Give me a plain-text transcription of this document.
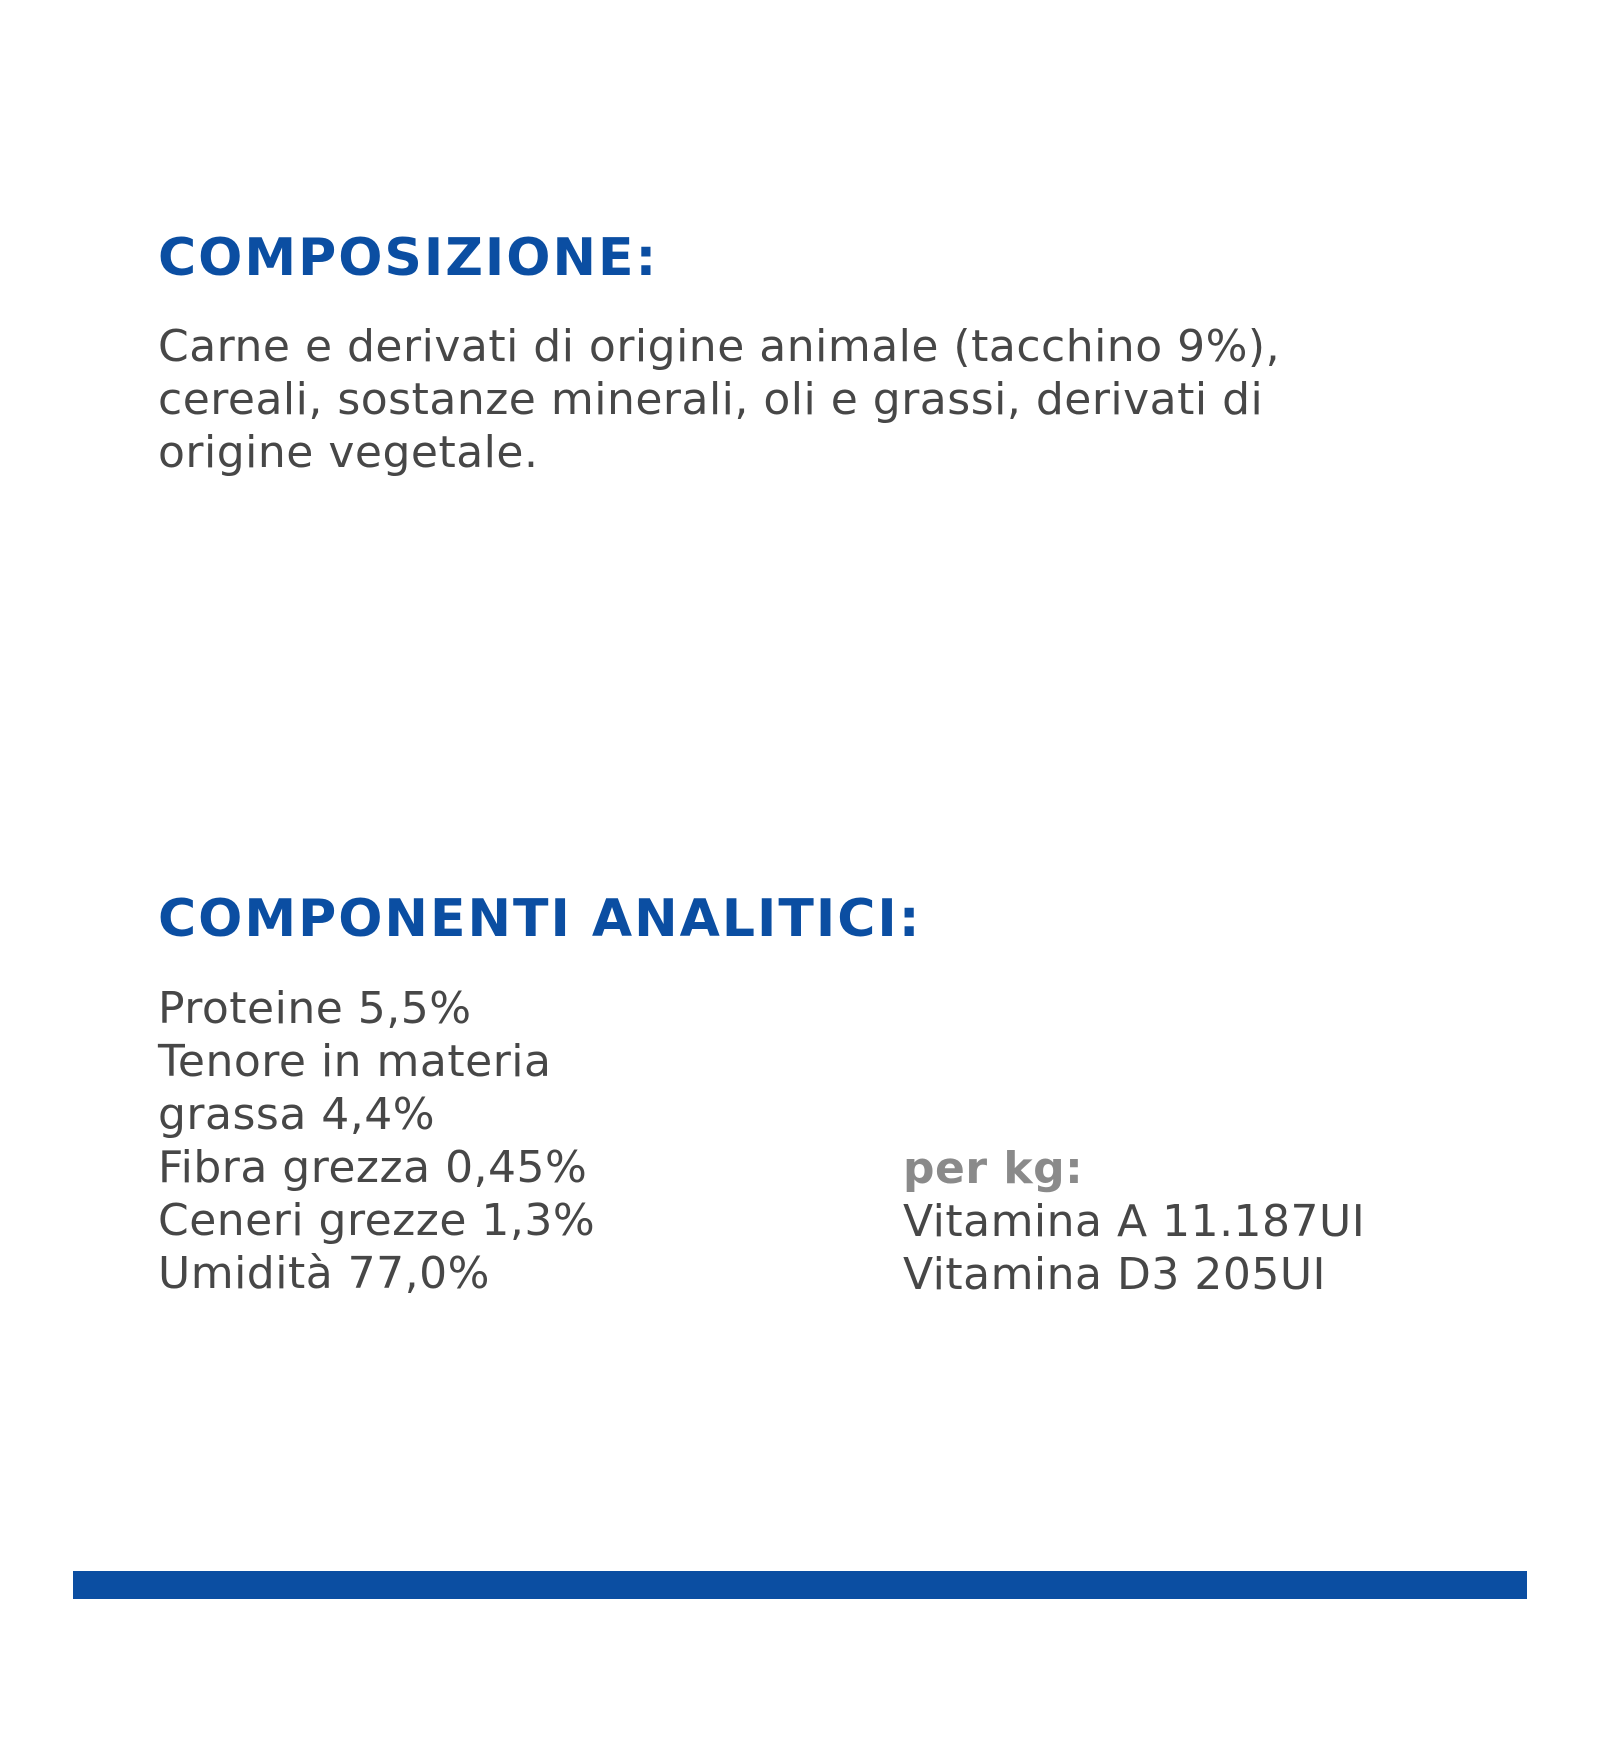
COMPOSIZIONE:

Carne e derivati di origine animale (tacchino 9%),
cereali, sostanze minerali, oli e grassi, derivati di
origine vegetale.

COMPONENTI ANALITICI:
Proteine 5,5%
Tenore in materia
grassa 4,4%
Fibra grezza 0,45%
Ceneri grezze 1,3%
Umidità 77,0%
per kg:
Vitamina A 11.187UI
Vitamina D3 205UI
